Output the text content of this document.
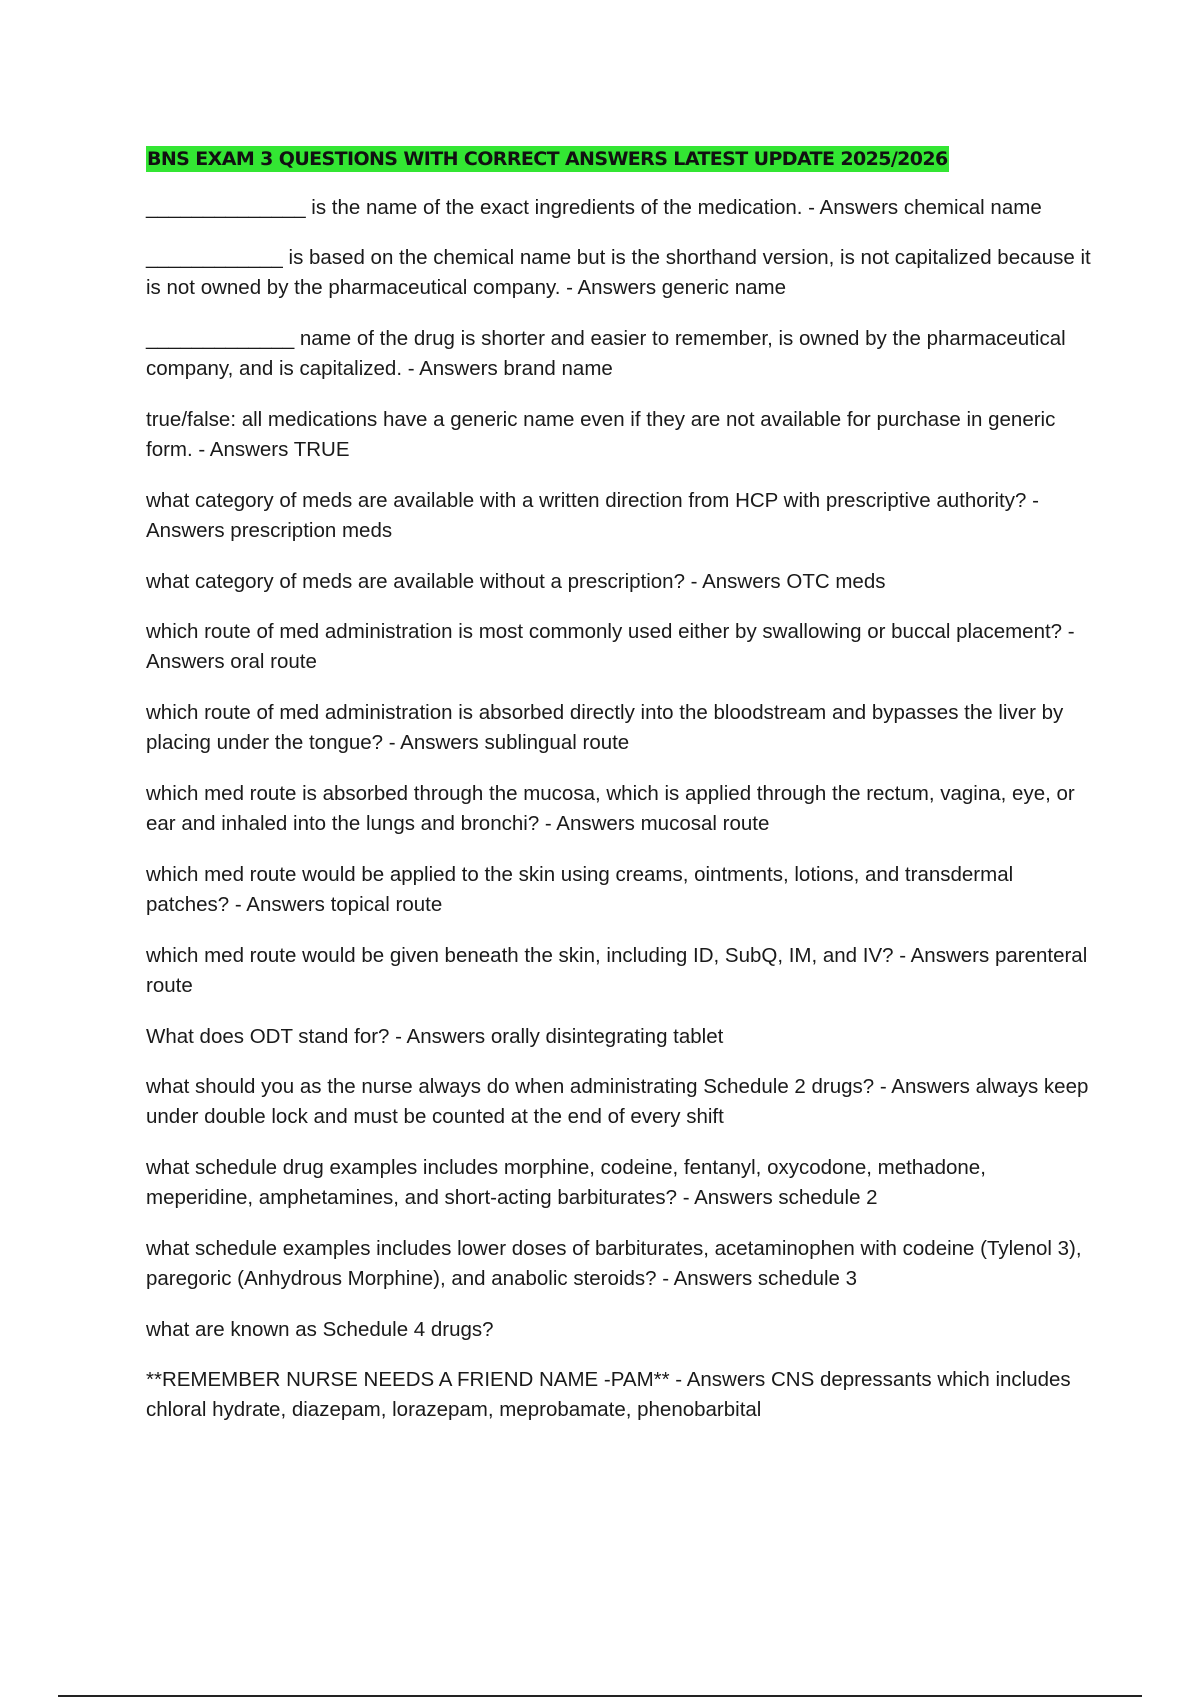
BNS EXAM 3 QUESTIONS WITH CORRECT ANSWERS LATEST UPDATE 2025/2026

______________ is the name of the exact ingredients of the medication. - Answers chemical name

____________ is based on the chemical name but is the shorthand version, is not capitalized because it is not owned by the pharmaceutical company. - Answers generic name

_____________ name of the drug is shorter and easier to remember, is owned by the pharmaceutical company, and is capitalized. - Answers brand name

true/false: all medications have a generic name even if they are not available for purchase in generic form. - Answers TRUE

what category of meds are available with a written direction from HCP with prescriptive authority? - Answers prescription meds

what category of meds are available without a prescription? - Answers OTC meds

which route of med administration is most commonly used either by swallowing or buccal placement? - Answers oral route

which route of med administration is absorbed directly into the bloodstream and bypasses the liver by placing under the tongue? - Answers sublingual route

which med route is absorbed through the mucosa, which is applied through the rectum, vagina, eye, or ear and inhaled into the lungs and bronchi? - Answers mucosal route

which med route would be applied to the skin using creams, ointments, lotions, and transdermal patches? - Answers topical route

which med route would be given beneath the skin, including ID, SubQ, IM, and IV? - Answers parenteral route

What does ODT stand for? - Answers orally disintegrating tablet

what should you as the nurse always do when administrating Schedule 2 drugs? - Answers always keep under double lock and must be counted at the end of every shift

what schedule drug examples includes morphine, codeine, fentanyl, oxycodone, methadone, meperidine, amphetamines, and short-acting barbiturates? - Answers schedule 2

what schedule examples includes lower doses of barbiturates, acetaminophen with codeine (Tylenol 3), paregoric (Anhydrous Morphine), and anabolic steroids? - Answers schedule 3

what are known as Schedule 4 drugs?

**REMEMBER NURSE NEEDS A FRIEND NAME -PAM** - Answers CNS depressants which includes chloral hydrate, diazepam, lorazepam, meprobamate, phenobarbital
